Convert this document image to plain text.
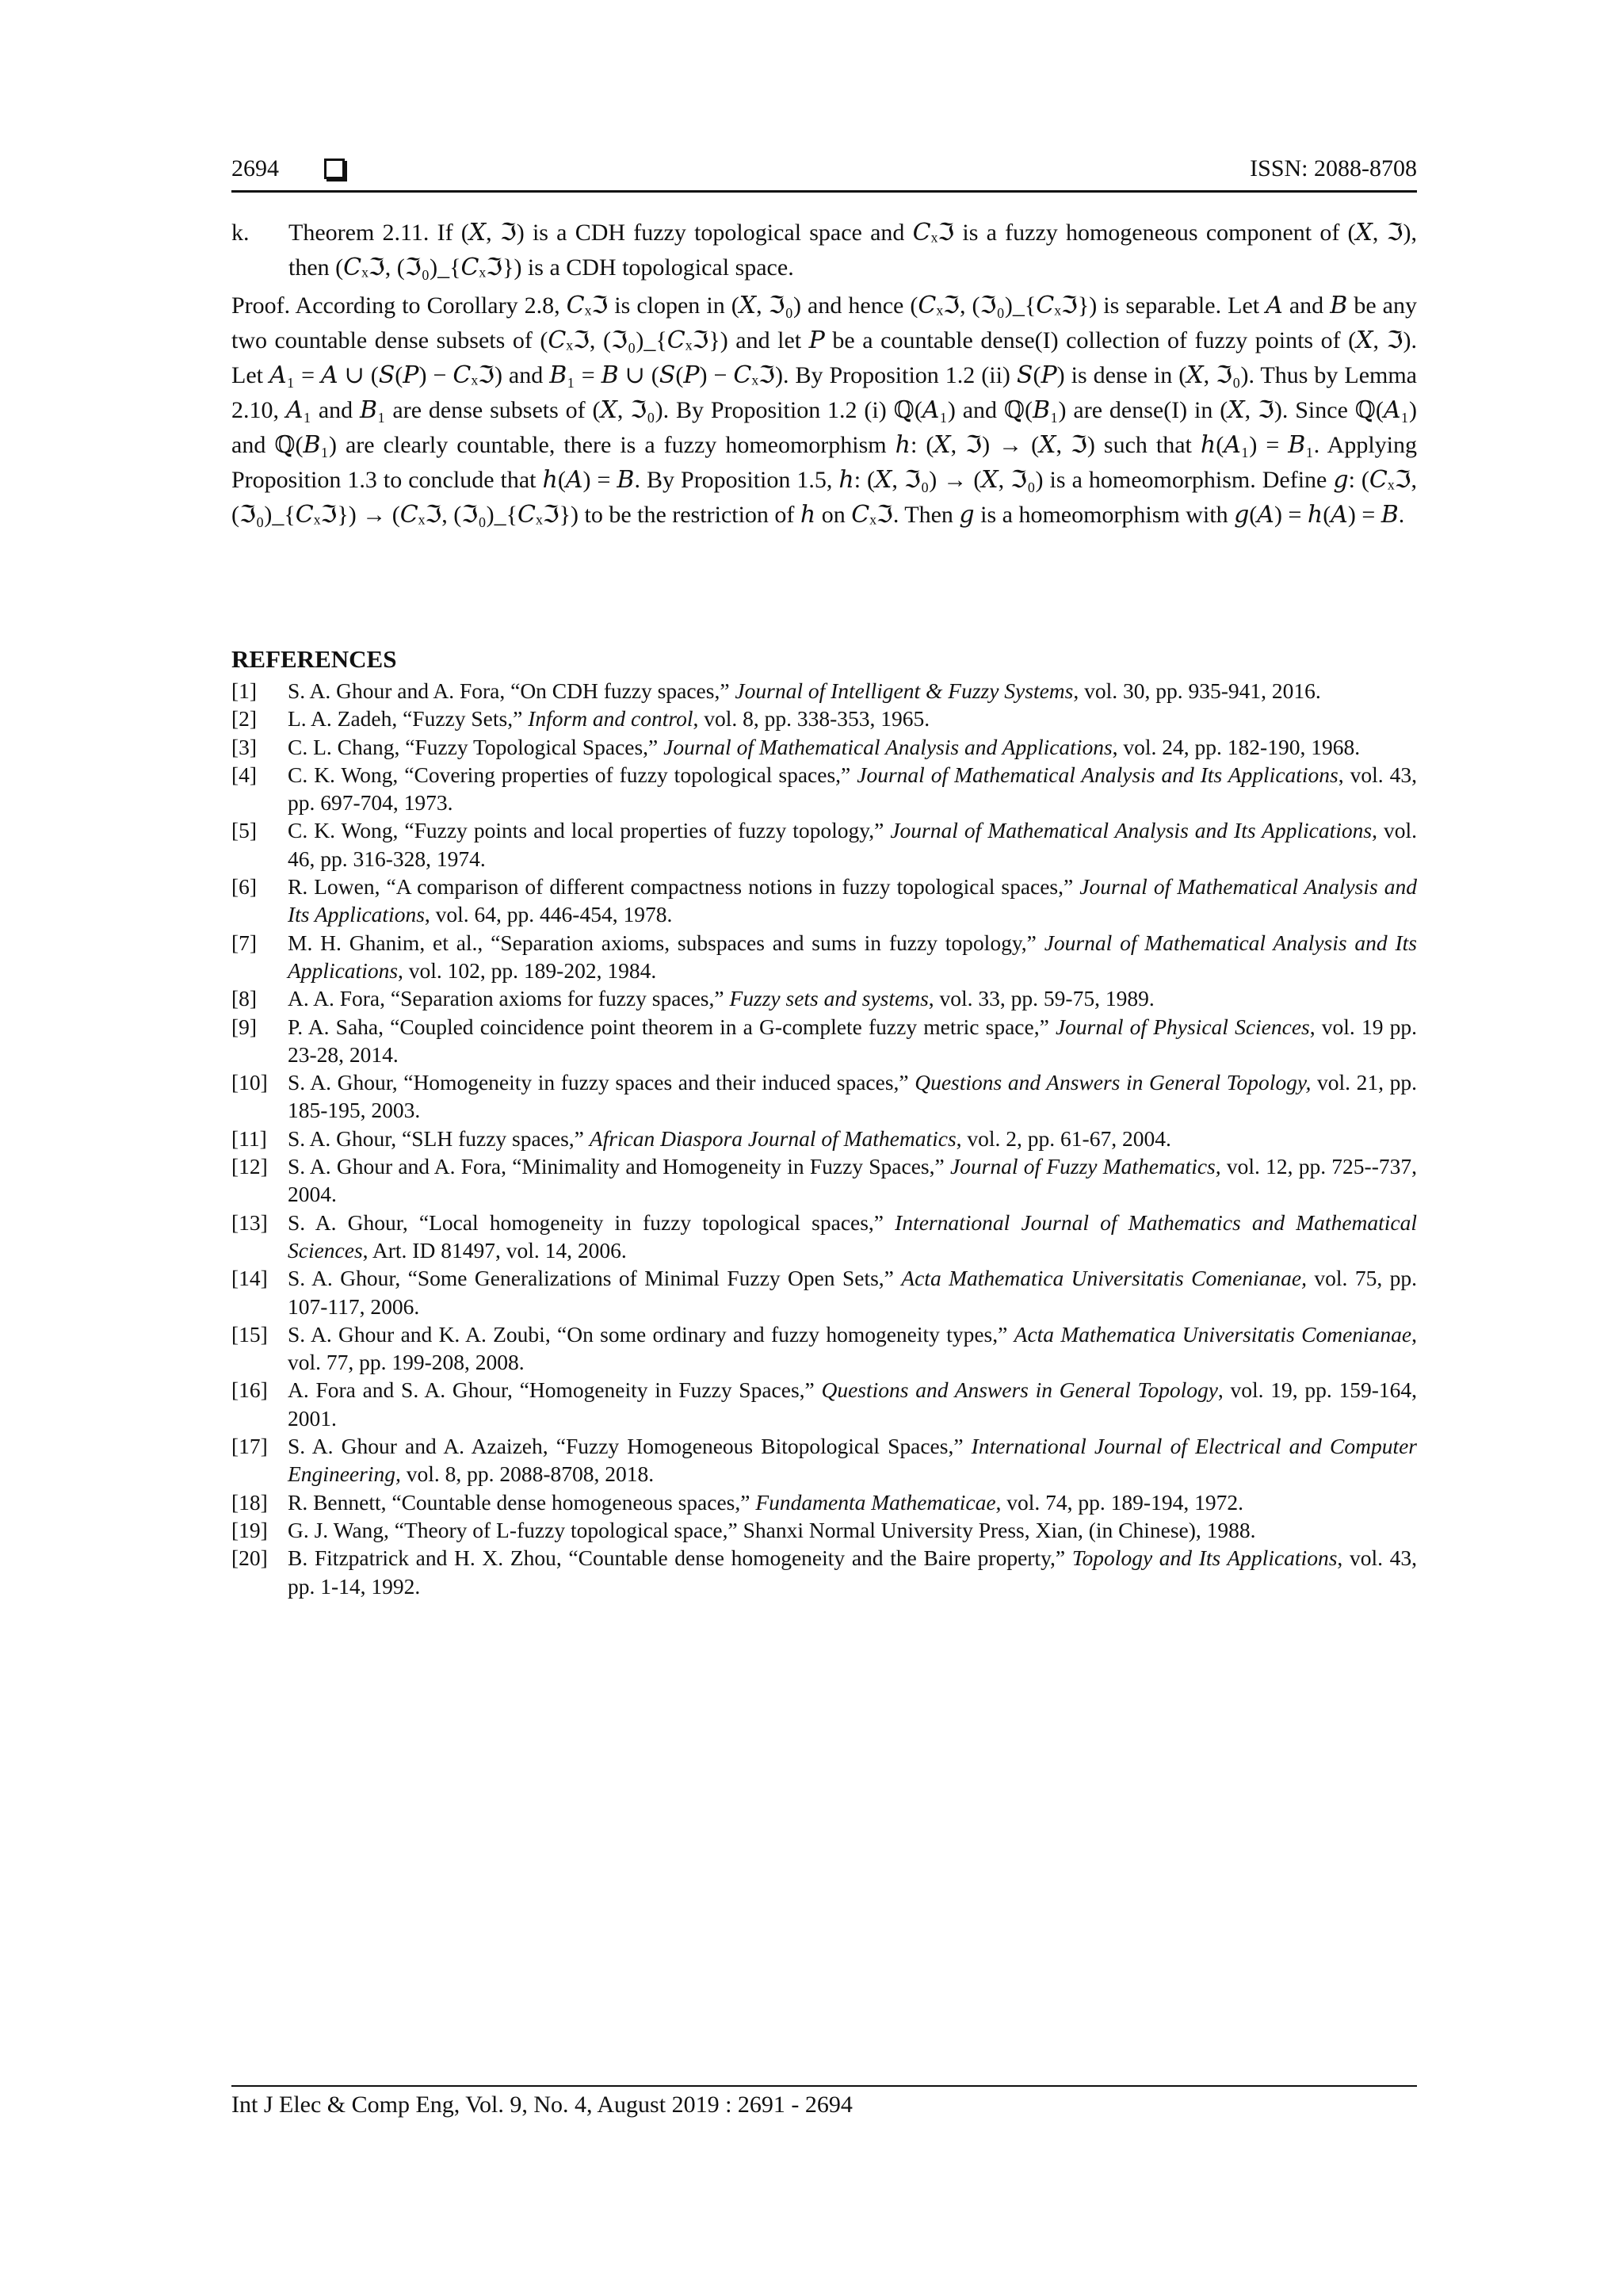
2694	ISSN: 2088-8708
k.	Theorem 2.11. If (𝑋, ℑ) is a CDH fuzzy topological space and 𝐶ₓℑ is a fuzzy homogeneous component of (𝑋, ℑ), then (𝐶ₓℑ, (ℑ₀)_{𝐶ₓℑ}) is a CDH topological space.
Proof. According to Corollary 2.8, 𝐶ₓℑ is clopen in (𝑋, ℑ₀) and hence (𝐶ₓℑ, (ℑ₀)_{𝐶ₓℑ}) is separable. Let 𝐴 and 𝐵 be any two countable dense subsets of (𝐶ₓℑ, (ℑ₀)_{𝐶ₓℑ}) and let 𝑃 be a countable dense(I) collection of fuzzy points of (𝑋, ℑ). Let 𝐴₁ = 𝐴 ∪ (𝑆(𝑃) − 𝐶ₓℑ) and 𝐵₁ = 𝐵 ∪ (𝑆(𝑃) − 𝐶ₓℑ). By Proposition 1.2 (ii) 𝑆(𝑃) is dense in (𝑋, ℑ₀). Thus by Lemma 2.10, 𝐴₁ and 𝐵₁ are dense subsets of (𝑋, ℑ₀). By Proposition 1.2 (i) ℚ(𝐴₁) and ℚ(𝐵₁) are dense(I) in (𝑋, ℑ). Since ℚ(𝐴₁) and ℚ(𝐵₁) are clearly countable, there is a fuzzy homeomorphism ℎ: (𝑋, ℑ) → (𝑋, ℑ) such that ℎ(𝐴₁) = 𝐵₁. Applying Proposition 1.3 to conclude that ℎ(𝐴) = 𝐵. By Proposition 1.5, ℎ: (𝑋, ℑ₀) → (𝑋, ℑ₀) is a homeomorphism. Define 𝑔: (𝐶ₓℑ, (ℑ₀)_{𝐶ₓℑ}) → (𝐶ₓℑ, (ℑ₀)_{𝐶ₓℑ}) to be the restriction of ℎ on 𝐶ₓℑ. Then 𝑔 is a homeomorphism with 𝑔(𝐴) = ℎ(𝐴) = 𝐵.
REFERENCES
[1]	S. A. Ghour and A. Fora, “On CDH fuzzy spaces,” Journal of Intelligent & Fuzzy Systems, vol. 30, pp. 935-941, 2016.
[2]	L. A. Zadeh, “Fuzzy Sets,” Inform and control, vol. 8, pp. 338-353, 1965.
[3]	C. L. Chang, “Fuzzy Topological Spaces,” Journal of Mathematical Analysis and Applications, vol. 24, pp. 182-190, 1968.
[4]	C. K. Wong, “Covering properties of fuzzy topological spaces,” Journal of Mathematical Analysis and Its Applications, vol. 43, pp. 697-704, 1973.
[5]	C. K. Wong, “Fuzzy points and local properties of fuzzy topology,” Journal of Mathematical Analysis and Its Applications, vol. 46, pp. 316-328, 1974.
[6]	R. Lowen, “A comparison of different compactness notions in fuzzy topological spaces,” Journal of Mathematical Analysis and Its Applications, vol. 64, pp. 446-454, 1978.
[7]	M. H. Ghanim, et al., “Separation axioms, subspaces and sums in fuzzy topology,” Journal of Mathematical Analysis and Its Applications, vol. 102, pp. 189-202, 1984.
[8]	A. A. Fora, “Separation axioms for fuzzy spaces,” Fuzzy sets and systems, vol. 33, pp. 59-75, 1989.
[9]	P. A. Saha, “Coupled coincidence point theorem in a G-complete fuzzy metric space,” Journal of Physical Sciences, vol. 19 pp. 23-28, 2014.
[10] S. A. Ghour, “Homogeneity in fuzzy spaces and their induced spaces,” Questions and Answers in General Topology, vol. 21, pp. 185-195, 2003.
[11] S. A. Ghour, “SLH fuzzy spaces,” African Diaspora Journal of Mathematics, vol. 2, pp. 61-67, 2004.
[12] S. A. Ghour and A. Fora, “Minimality and Homogeneity in Fuzzy Spaces,” Journal of Fuzzy Mathematics, vol. 12, pp. 725--737, 2004.
[13] S. A. Ghour, “Local homogeneity in fuzzy topological spaces,” International Journal of Mathematics and Mathematical Sciences, Art. ID 81497, vol. 14, 2006.
[14] S. A. Ghour, “Some Generalizations of Minimal Fuzzy Open Sets,” Acta Mathematica Universitatis Comenianae, vol. 75, pp. 107-117, 2006.
[15] S. A. Ghour and K. A. Zoubi, “On some ordinary and fuzzy homogeneity types,” Acta Mathematica Universitatis Comenianae, vol. 77, pp. 199-208, 2008.
[16] A. Fora and S. A. Ghour, “Homogeneity in Fuzzy Spaces,” Questions and Answers in General Topology, vol. 19, pp. 159-164, 2001.
[17] S. A. Ghour and A. Azaizeh, “Fuzzy Homogeneous Bitopological Spaces,” International Journal of Electrical and Computer Engineering, vol. 8, pp. 2088-8708, 2018.
[18] R. Bennett, “Countable dense homogeneous spaces,” Fundamenta Mathematicae, vol. 74, pp. 189-194, 1972.
[19] G. J. Wang, “Theory of L-fuzzy topological space,” Shanxi Normal University Press, Xian, (in Chinese), 1988.
[20] B. Fitzpatrick and H. X. Zhou, “Countable dense homogeneity and the Baire property,” Topology and Its Applications, vol. 43, pp. 1-14, 1992.
Int J Elec & Comp Eng, Vol. 9, No. 4, August 2019 : 2691 - 2694
